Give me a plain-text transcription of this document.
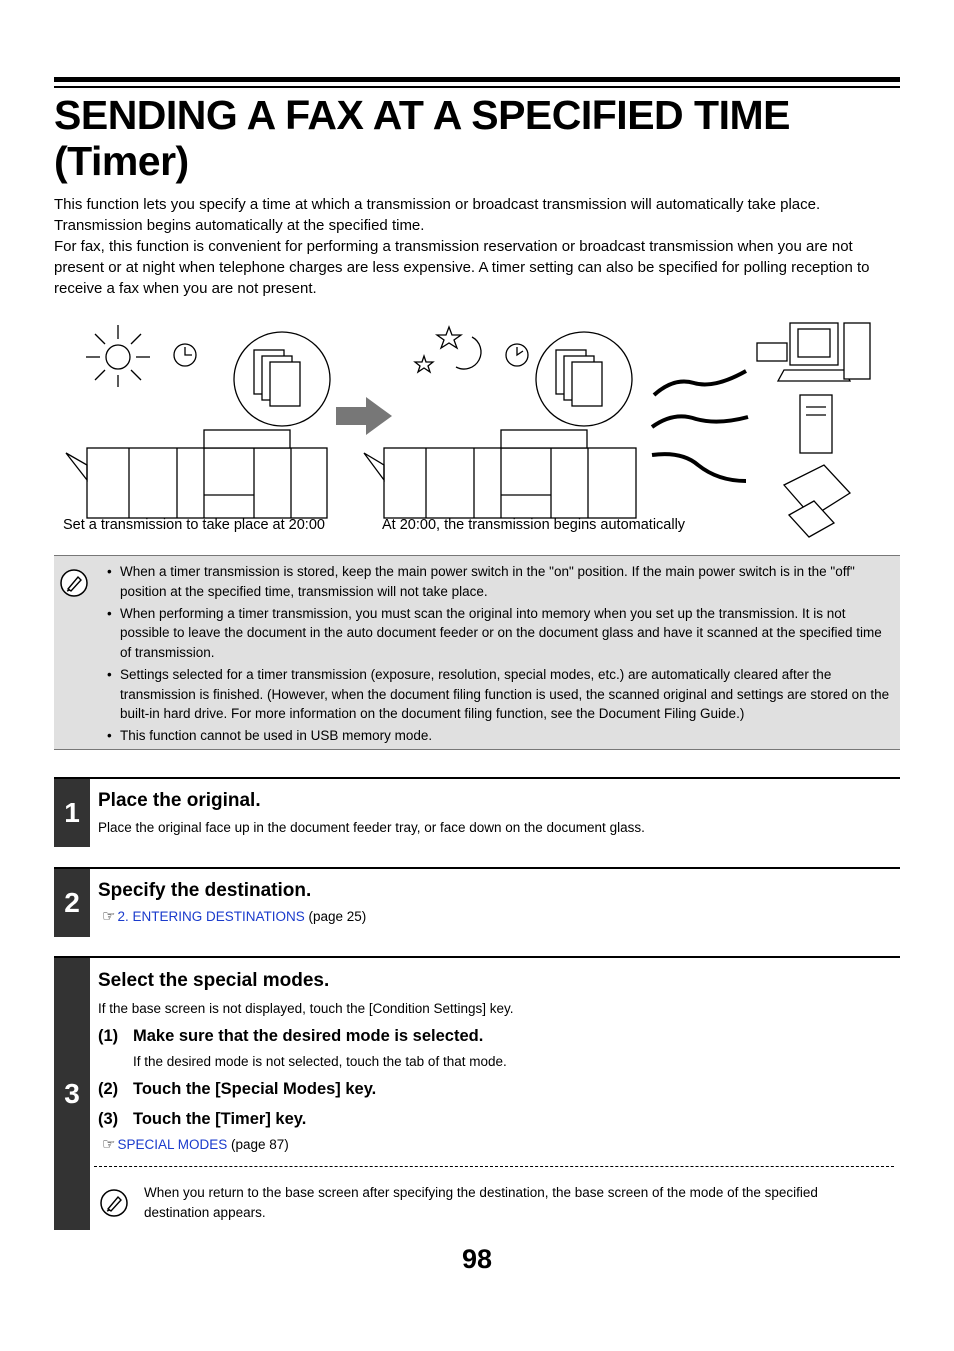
SENDING A FAX AT A SPECIFIED TIME
(Timer)

This function lets you specify a time at which a transmission or broadcast transmission will automatically take place. Transmission begins automatically at the specified time.

For fax, this function is convenient for performing a transmission reservation or broadcast transmission when you are not present or at night when telephone charges are less expensive. A timer setting can also be specified for polling reception to receive a fax when you are not present.

Set a transmission to take place at 20:00	At 20:00, the transmission begins automatically
• When a timer transmission is stored, keep the main power switch in the "on" position. If the main power switch is in the "off" position at the specified time, transmission will not take place.
• When performing a timer transmission, you must scan the original into memory when you set up the transmission. It is not possible to leave the document in the auto document feeder or on the document glass and have it scanned at the specified time of transmission.
• Settings selected for a timer transmission (exposure, resolution, special modes, etc.) are automatically cleared after the transmission is finished. (However, when the document filing function is used, the scanned original and settings are stored on the built-in hard drive. For more information on the document filing function, see the Document Filing Guide.)
• This function cannot be used in USB memory mode.
1 Place the original.
Place the original face up in the document feeder tray, or face down on the document glass.
2 Specify the destination.
☞ 2. ENTERING DESTINATIONS (page 25)
3
Select the special modes.
If the base screen is not displayed, touch the [Condition Settings] key.
(1) Make sure that the desired mode is selected.
If the desired mode is not selected, touch the tab of that mode.
(2) Touch the [Special Modes] key.
(3) Touch the [Timer] key.
☞ SPECIAL MODES (page 87)
When you return to the base screen after specifying the destination, the base screen of the mode of the specified destination appears.
98
